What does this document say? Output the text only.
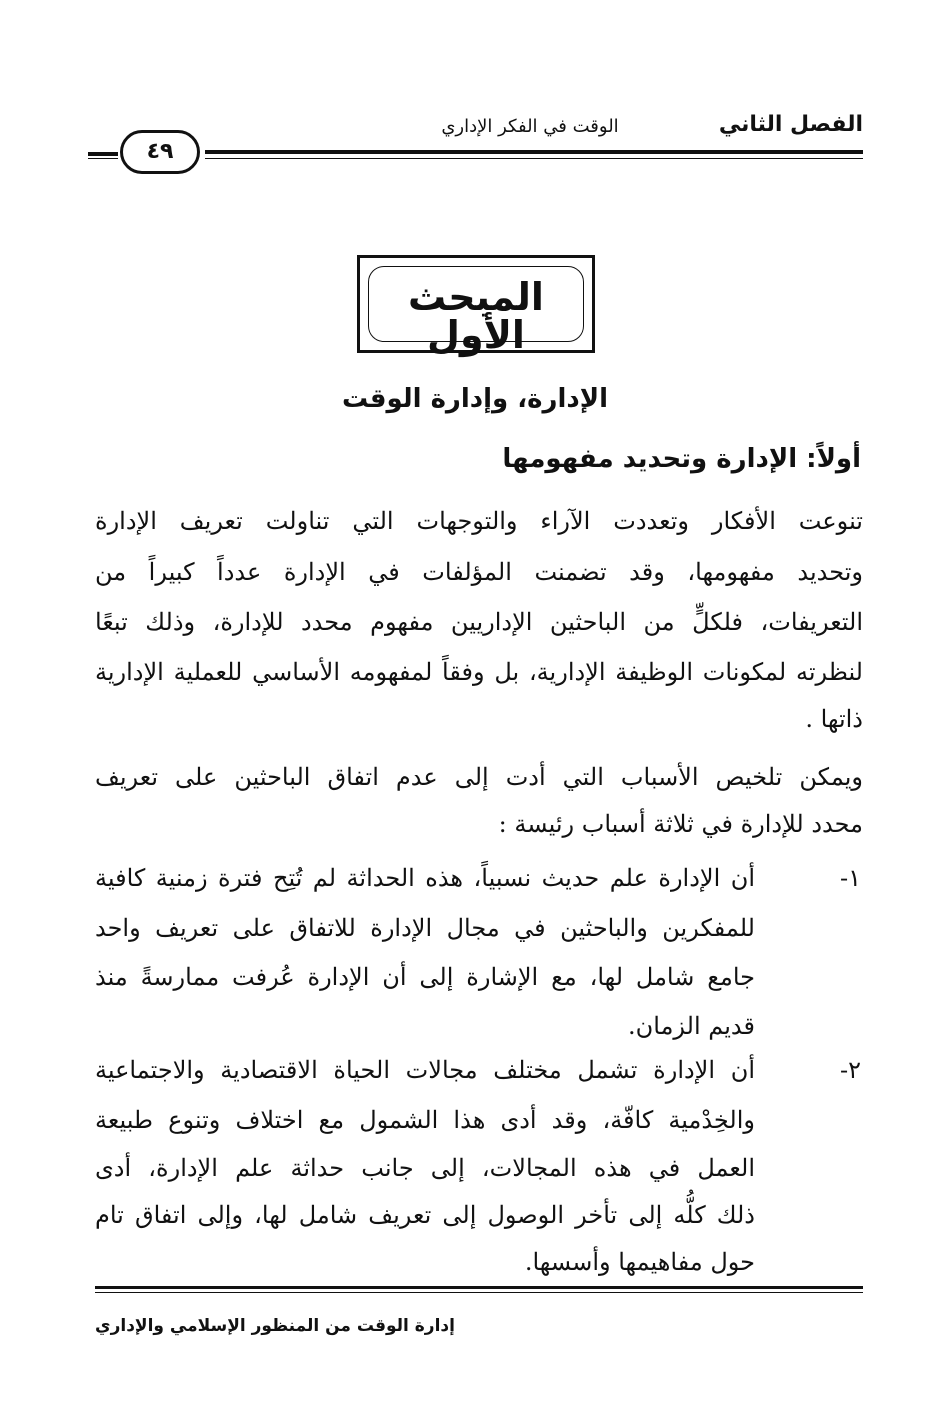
الفصل الثاني
الوقت في الفكر الإداري
٤٩
المبحث الأول
الإدارة، وإدارة الوقت
أولاً: الإدارة وتحديد مفهومها
تنوعت الأفكار وتعددت الآراء والتوجهات التي تناولت تعريف الإدارة
وتحديد مفهومها، وقد تضمنت المؤلفات في الإدارة عدداً كبيراً من
التعريفات، فلكلٍّ من الباحثين الإداريين مفهوم محدد للإدارة، وذلك تبعًا
لنظرته لمكونات الوظيفة الإدارية، بل وفقاً لمفهومه الأساسي للعملية الإدارية
ذاتها .
ويمكن تلخيص الأسباب التي أدت إلى عدم اتفاق الباحثين على تعريف
محدد للإدارة في ثلاثة أسباب رئيسة :
١-
أن الإدارة علم حديث نسبياً، هذه الحداثة لم تُتِح فترة زمنية كافية
للمفكرين والباحثين في مجال الإدارة للاتفاق على تعريف واحد
جامع شامل لها، مع الإشارة إلى أن الإدارة عُرفت ممارسةً منذ
قديم الزمان.
٢-
أن الإدارة تشمل مختلف مجالات الحياة الاقتصادية والاجتماعية
والخِدْمية كافّة، وقد أدى هذا الشمول مع اختلاف وتنوع طبيعة
العمل في هذه المجالات، إلى جانب حداثة علم الإدارة، أدى
ذلك كلُّه إلى تأخر الوصول إلى تعريف شامل لها، وإلى اتفاق تام
حول مفاهيمها وأسسها.
إدارة الوقت من المنظور الإسلامي والإداري
